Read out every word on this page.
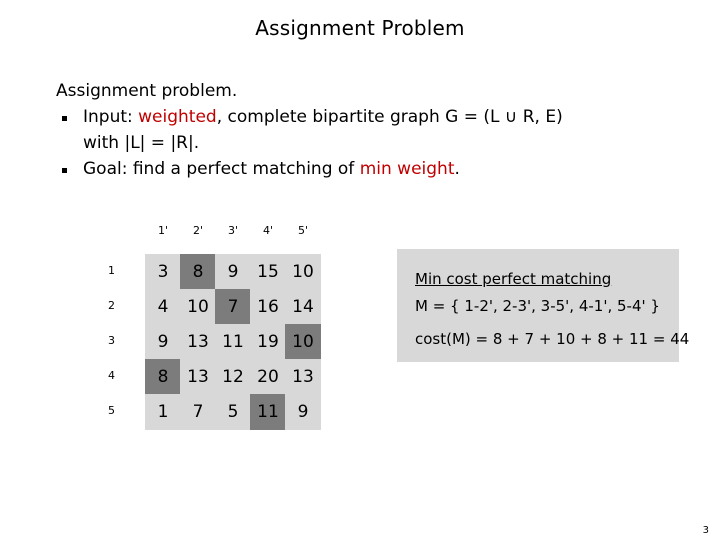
Assignment Problem
Assignment problem.
Input: weighted, complete bipartite graph G = (L ∪ R, E)
with |L| = |R|.
Goal: find a perfect matching of min weight.
1'	2'	3'	4'	5'
1
2
3
4
5
3	8	9	15 10
4	10	7	16 14
9	13 11 19 10
8	13 12 20 13
1	7	5	11	9
Min cost perfect matching
M = { 1-2', 2-3', 3-5', 4-1', 5-4' }
cost(M) = 8 + 7 + 10 + 8 + 11 = 44
3
